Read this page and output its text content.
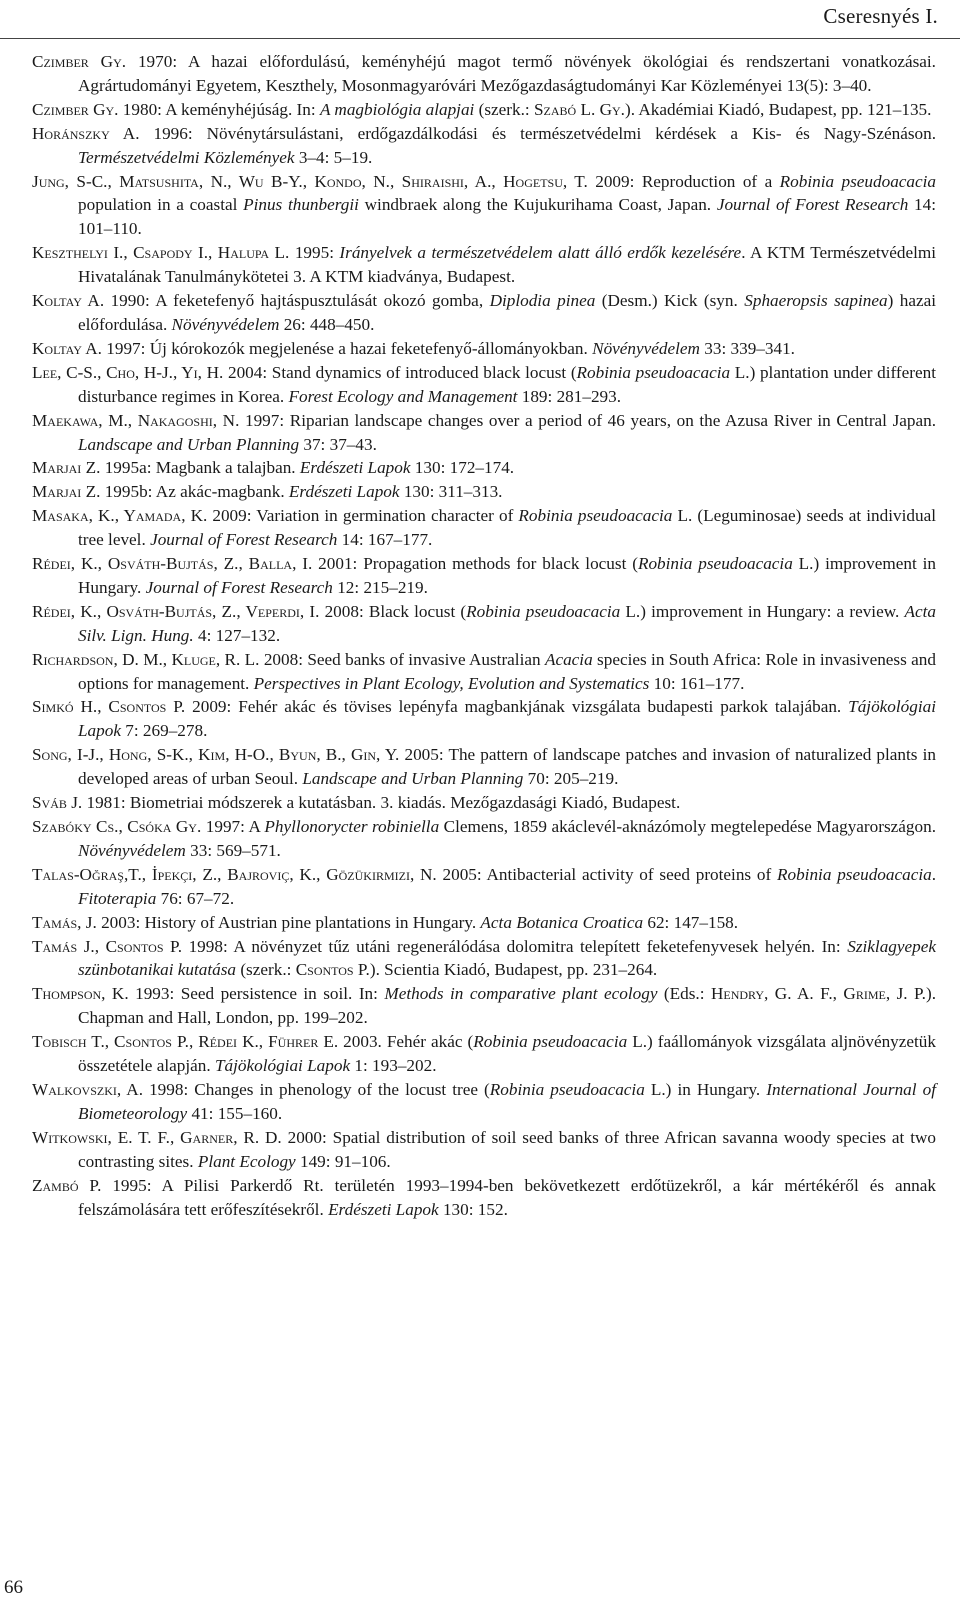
Cseresnyés I.
Czimber Gy. 1970: A hazai előfordulású, keményhéjú magot termő növények ökológiai és rendszertani vonatkozásai. Agrártudományi Egyetem, Keszthely, Mosonmagyaróvári Mezőgazdaságtudományi Kar Közleményei 13(5): 3–40.
Czimber Gy. 1980: A keményhéjúság. In: A magbiológia alapjai (szerk.: Szabó L. Gy.). Akadémiai Kiadó, Budapest, pp. 121–135.
Horánszky A. 1996: Növénytársulástani, erdőgazdálkodási és természetvédelmi kérdések a Kis- és Nagy-Szénáson. Természetvédelmi Közlemények 3–4: 5–19.
Jung, S-C., Matsushita, N., Wu B-Y., Kondo, N., Shiraishi, A., Hogetsu, T. 2009: Reproduction of a Robinia pseudoacacia population in a coastal Pinus thunbergii windbraek along the Kujukurihama Coast, Japan. Journal of Forest Research 14: 101–110.
Keszthelyi I., Csapody I., Halupa L. 1995: Irányelvek a természetvédelem alatt álló erdők kezelésére. A KTM Természetvédelmi Hivatalának Tanulmánykötetei 3. A KTM kiadványa, Budapest.
Koltay A. 1990: A feketefenyő hajtáspusztulását okozó gomba, Diplodia pinea (Desm.) Kick (syn. Sphaeropsis sapinea) hazai előfordulása. Növényvédelem 26: 448–450.
Koltay A. 1997: Új kórokozók megjelenése a hazai feketefenyő-állományokban. Növényvédelem 33: 339–341.
Lee, C-S., Cho, H-J., Yi, H. 2004: Stand dynamics of introduced black locust (Robinia pseudoacacia L.) plantation under different disturbance regimes in Korea. Forest Ecology and Management 189: 281–293.
Maekawa, M., Nakagoshi, N. 1997: Riparian landscape changes over a period of 46 years, on the Azusa River in Central Japan. Landscape and Urban Planning 37: 37–43.
Marjai Z. 1995a: Magbank a talajban. Erdészeti Lapok 130: 172–174.
Marjai Z. 1995b: Az akác-magbank. Erdészeti Lapok 130: 311–313.
Masaka, K., Yamada, K. 2009: Variation in germination character of Robinia pseudoacacia L. (Leguminosae) seeds at individual tree level. Journal of Forest Research 14: 167–177.
Rédei, K., Osváth-Bujtás, Z., Balla, I. 2001: Propagation methods for black locust (Robinia pseudoacacia L.) improvement in Hungary. Journal of Forest Research 12: 215–219.
Rédei, K., Osváth-Bujtás, Z., Veperdi, I. 2008: Black locust (Robinia pseudoacacia L.) improvement in Hungary: a review. Acta Silv. Lign. Hung. 4: 127–132.
Richardson, D. M., Kluge, R. L. 2008: Seed banks of invasive Australian Acacia species in South Africa: Role in invasiveness and options for management. Perspectives in Plant Ecology, Evolution and Systematics 10: 161–177.
Simkó H., Csontos P. 2009: Fehér akác és tövises lepényfa magbankjának vizsgálata budapesti parkok talajában. Tájökológiai Lapok 7: 269–278.
Song, I-J., Hong, S-K., Kim, H-O., Byun, B., Gin, Y. 2005: The pattern of landscape patches and invasion of naturalized plants in developed areas of urban Seoul. Landscape and Urban Planning 70: 205–219.
Sváb J. 1981: Biometriai módszerek a kutatásban. 3. kiadás. Mezőgazdasági Kiadó, Budapest.
Szabóky Cs., Csóka Gy. 1997: A Phyllonorycter robiniella Clemens, 1859 akáclevél-aknázómoly megtelepedése Magyarországon. Növényvédelem 33: 569–571.
Talas-Oğraş,T., İpekçi, Z., Bajroviç, K., Gözükirmizi, N. 2005: Antibacterial activity of seed proteins of Robinia pseudoacacia. Fitoterapia 76: 67–72.
Tamás, J. 2003: History of Austrian pine plantations in Hungary. Acta Botanica Croatica 62: 147–158.
Tamás J., Csontos P. 1998: A növényzet tűz utáni regenerálódása dolomitra telepített feketefenyvesek helyén. In: Sziklagyepek szünbotanikai kutatása (szerk.: Csontos P.). Scientia Kiadó, Budapest, pp. 231–264.
Thompson, K. 1993: Seed persistence in soil. In: Methods in comparative plant ecology (Eds.: Hendry, G. A. F., Grime, J. P.). Chapman and Hall, London, pp. 199–202.
Tobisch T., Csontos P., Rédei K., Führer E. 2003. Fehér akác (Robinia pseudoacacia L.) faállományok vizsgálata aljnövényzetük összetétele alapján. Tájökológiai Lapok 1: 193–202.
Walkovszki, A. 1998: Changes in phenology of the locust tree (Robinia pseudoacacia L.) in Hungary. International Journal of Biometeorology 41: 155–160.
Witkowski, E. T. F., Garner, R. D. 2000: Spatial distribution of soil seed banks of three African savanna woody species at two contrasting sites. Plant Ecology 149: 91–106.
Zambó P. 1995: A Pilisi Parkerdő Rt. területén 1993–1994-ben bekövetkezett erdőtüzekről, a kár mértékéről és annak felszámolására tett erőfeszítésekről. Erdészeti Lapok 130: 152.
66
